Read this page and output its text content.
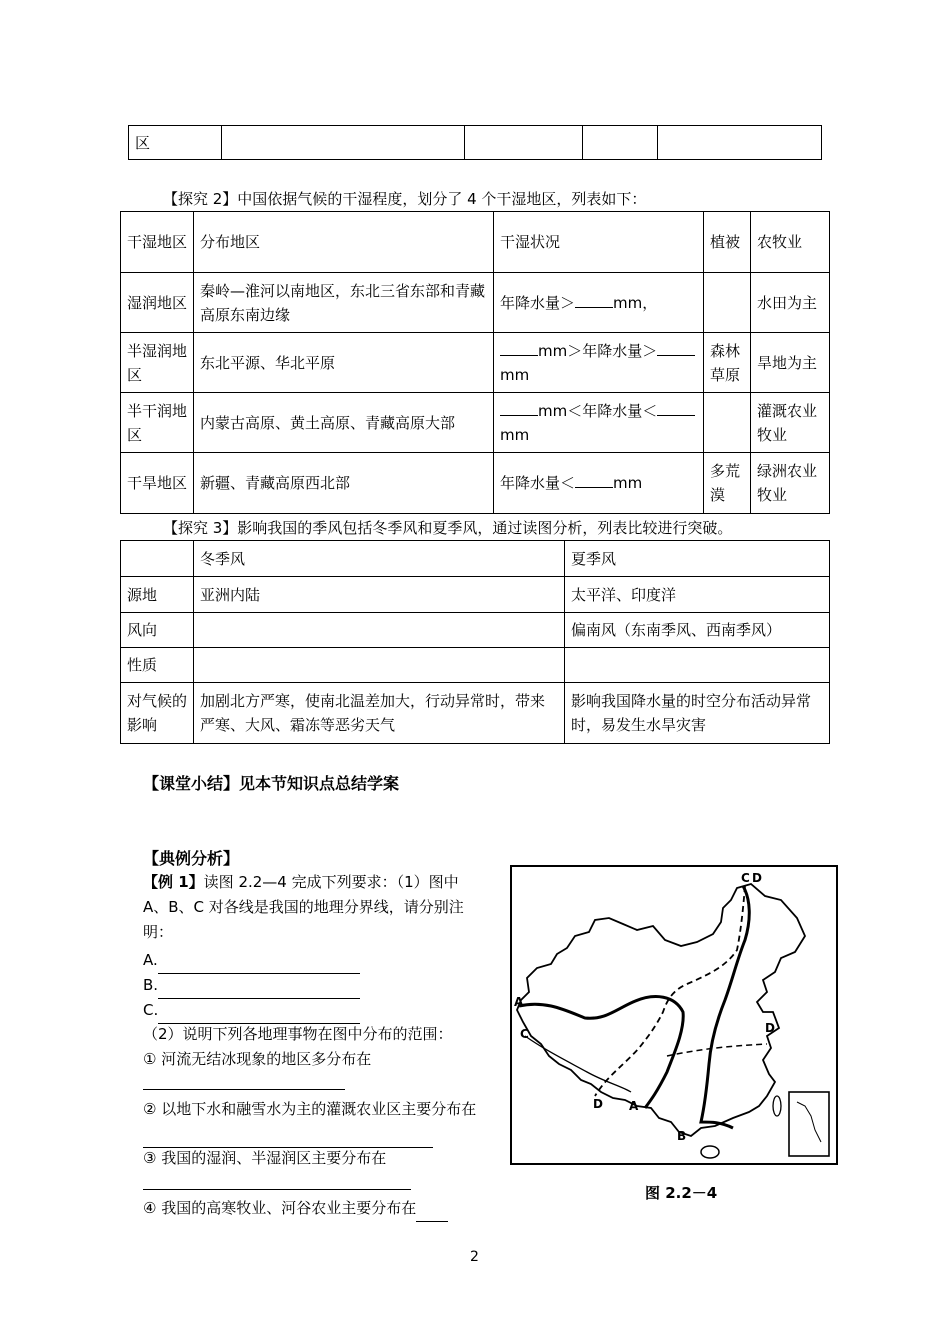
区				
【探究 2】中国依据气候的干湿程度，划分了 4 个干湿地区，列表如下：
干湿地区	分布地区	干湿状况	植被	农牧业
湿润地区	秦岭—淮河以南地区，东北三省东部和青藏高原东南边缘	年降水量＞ mm，		水田为主
半湿润地区	东北平源、华北平原	mm＞年降水量＞mm	森林草原	旱地为主
半干润地区	内蒙古高原、黄土高原、青藏高原大部	mm＜年降水量＜mm		灌溉农业牧业
干旱地区	新疆、青藏高原西北部	年降水量＜ mm	多荒漠	绿洲农业牧业
【探究 3】影响我国的季风包括冬季风和夏季风，通过读图分析，列表比较进行突破。
	冬季风	夏季风
源地	亚洲内陆	太平洋、印度洋
风向		偏南风（东南季风、西南季风）
性质		
对气候的影响	加剧北方严寒，使南北温差加大，行动异常时，带来严寒、大风、霜冻等恶劣天气	影响我国降水量的时空分布活动异常时，易发生水旱灾害
【课堂小结】见本节知识点总结学案
【典例分析】
【例 1】读图 2.2—4 完成下列要求：（1）图中 A、B、C 对各线是我国的地理分界线，请分别注明：
A.
B.
C.
（2）说明下列各地理事物在图中分布的范围：
① 河流无结冰现象的地区多分布在
② 以地下水和融雪水为主的灌溉农业区主要分布在
③ 我国的湿润、半湿润区主要分布在
④ 我国的高寒牧业、河谷农业主要分布在
C D
A
C	D
D A
B
图 2.2－4
2
